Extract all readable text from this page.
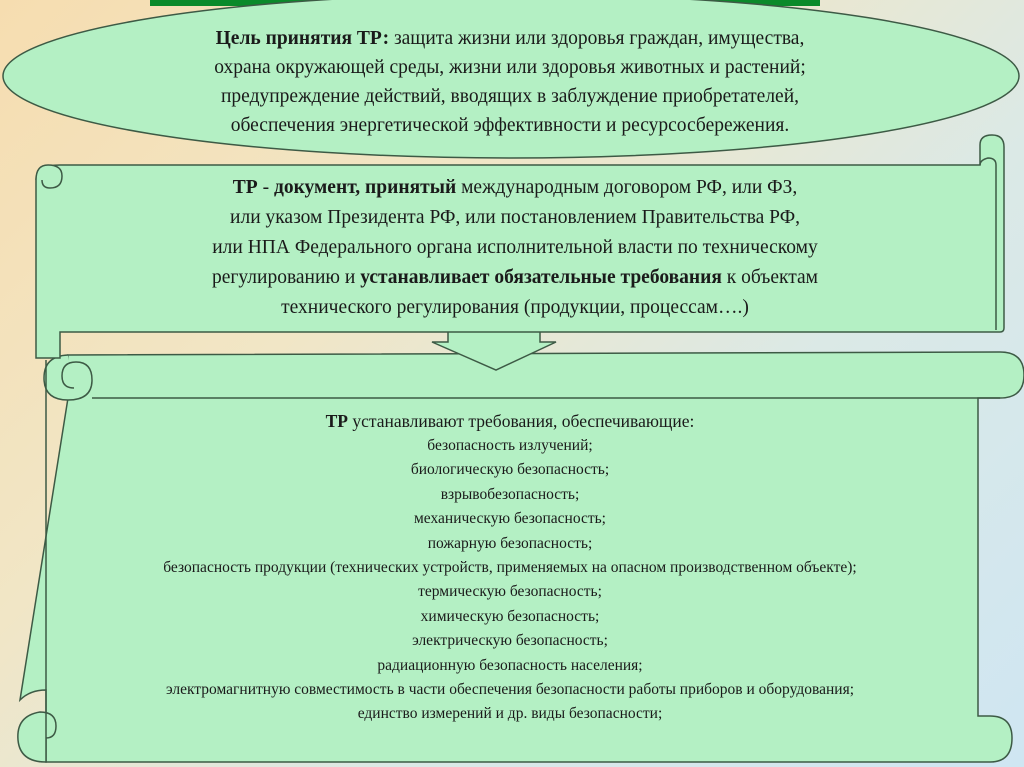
Цель принятия ТР: защита жизни или здоровья граждан, имущества,
охрана окружающей среды, жизни или здоровья животных и растений;
предупреждение действий, вводящих в заблуждение приобретателей,
обеспечения энергетической эффективности и ресурсосбережения.
ТР - документ, принятый международным договором РФ, или ФЗ,
или указом Президента РФ, или постановлением Правительства РФ,
или НПА Федерального органа исполнительной власти по техническому
регулированию и устанавливает обязательные требования к объектам
технического регулирования (продукции, процессам….)
ТР устанавливают требования, обеспечивающие:
безопасность излучений;
биологическую безопасность;
взрывобезопасность;
механическую безопасность;
пожарную безопасность;
безопасность продукции (технических устройств, применяемых на опасном производственном объекте);
термическую безопасность;
химическую безопасность;
электрическую безопасность;
радиационную безопасность населения;
электромагнитную совместимость в части обеспечения безопасности работы приборов и оборудования;
единство измерений и др. виды безопасности;
